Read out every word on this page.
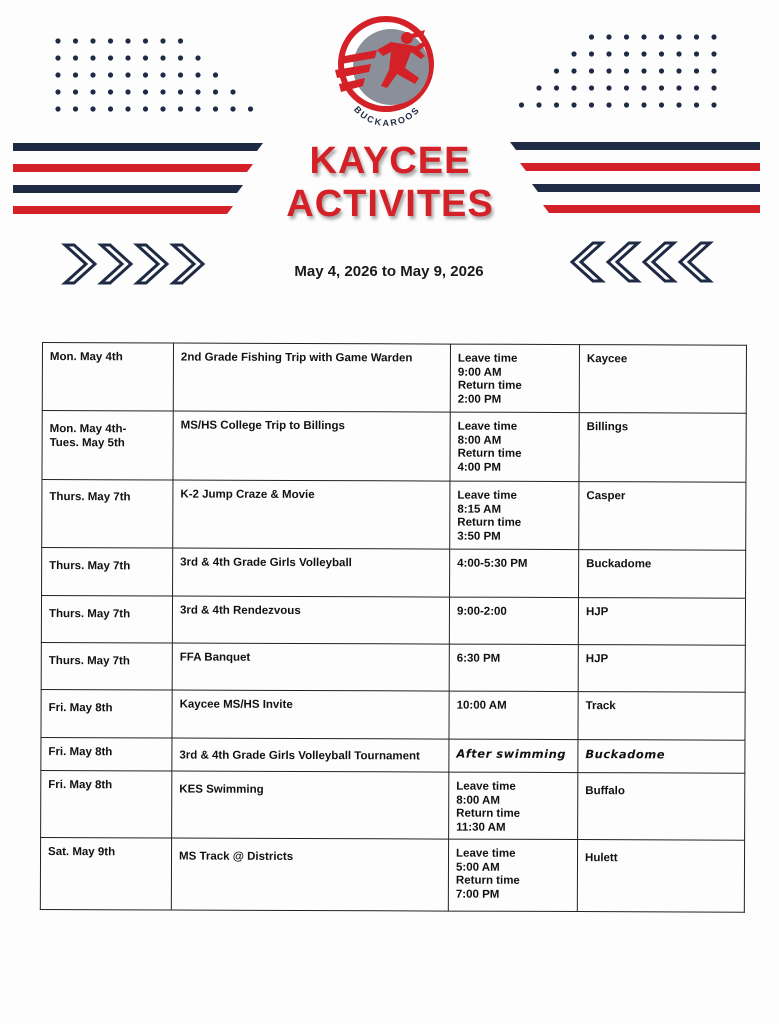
BUCKAROOS
KAYCEE
ACTIVITES
May 4, 2026 to May 9, 2026
Mon. May 4th	2nd Grade Fishing Trip with Game Warden	Leave time
9:00 AM
Return time
2:00 PM	Kaycee
Mon. May 4th-
Tues. May 5th	MS/HS College Trip to Billings	Leave time
8:00 AM
Return time
4:00 PM	Billings
Thurs. May 7th	K-2 Jump Craze & Movie	Leave time
8:15 AM
Return time
3:50 PM	Casper
Thurs. May 7th	3rd & 4th Grade Girls Volleyball	4:00-5:30 PM	Buckadome
Thurs. May 7th	3rd & 4th Rendezvous	9:00-2:00	HJP
Thurs. May 7th	FFA Banquet	6:30 PM	HJP
Fri. May 8th	Kaycee MS/HS Invite	10:00 AM	Track
Fri. May 8th	3rd & 4th Grade Girls Volleyball Tournament	After swimming	Buckadome
Fri. May 8th	KES Swimming	Leave time
8:00 AM
Return time
11:30 AM	Buffalo
Sat. May 9th	MS Track @ Districts	Leave time
5:00 AM
Return time
7:00 PM	Hulett
